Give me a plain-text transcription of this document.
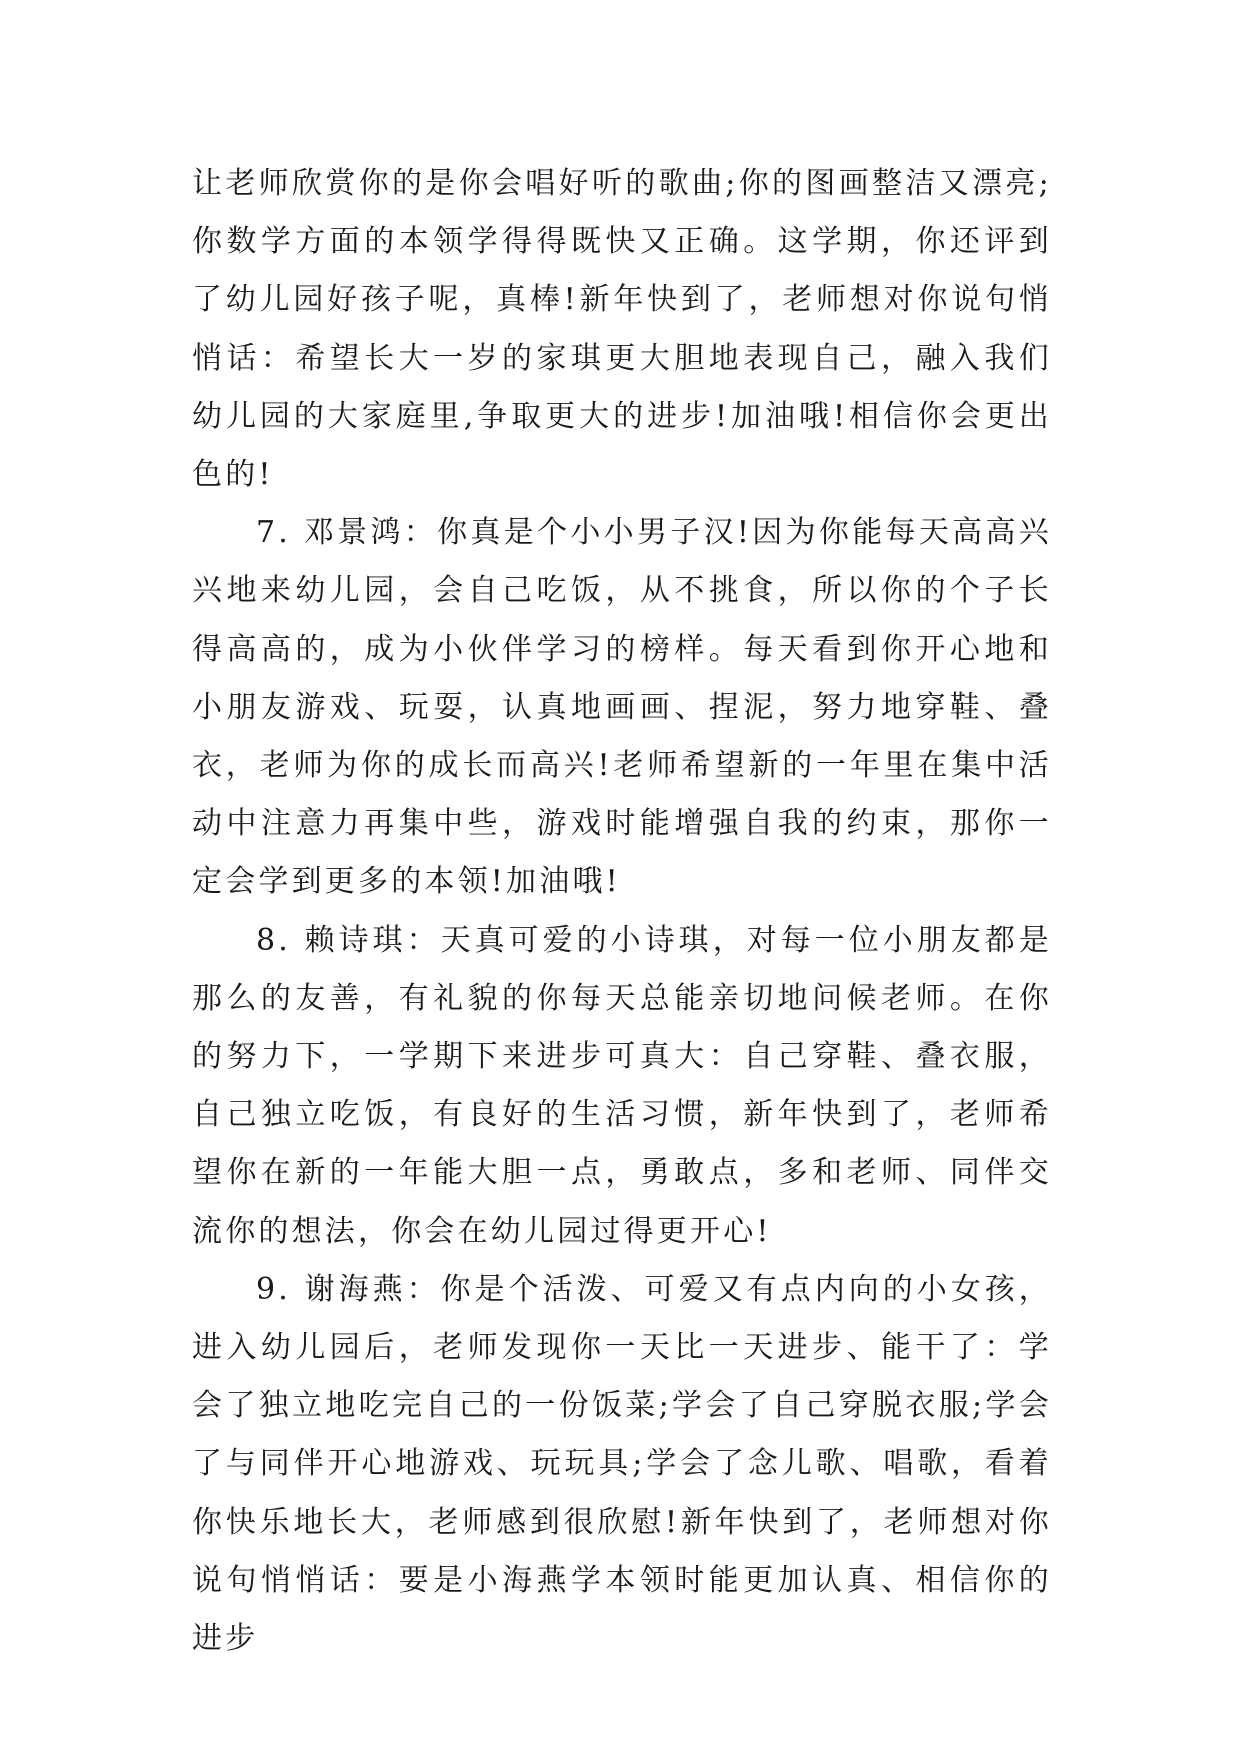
让老师欣赏你的是你会唱好听的歌曲;你的图画整洁又漂亮;你数学方面的本领学得得既快又正确。这学期，你还评到了幼儿园好孩子呢，真棒!新年快到了，老师想对你说句悄悄话：希望长大一岁的家琪更大胆地表现自己，融入我们幼儿园的大家庭里,争取更大的进步!加油哦!相信你会更出色的!

7. 邓景鸿：你真是个小小男子汉!因为你能每天高高兴兴地来幼儿园，会自己吃饭，从不挑食，所以你的个子长得高高的，成为小伙伴学习的榜样。每天看到你开心地和小朋友游戏、玩耍，认真地画画、捏泥，努力地穿鞋、叠衣，老师为你的成长而高兴!老师希望新的一年里在集中活动中注意力再集中些，游戏时能增强自我的约束，那你一定会学到更多的本领!加油哦!

8. 赖诗琪：天真可爱的小诗琪，对每一位小朋友都是那么的友善，有礼貌的你每天总能亲切地问候老师。在你的努力下，一学期下来进步可真大：自己穿鞋、叠衣服，自己独立吃饭，有良好的生活习惯，新年快到了，老师希望你在新的一年能大胆一点，勇敢点，多和老师、同伴交流你的想法，你会在幼儿园过得更开心!

9. 谢海燕：你是个活泼、可爱又有点内向的小女孩，进入幼儿园后，老师发现你一天比一天进步、能干了：学会了独立地吃完自己的一份饭菜;学会了自己穿脱衣服;学会了与同伴开心地游戏、玩玩具;学会了念儿歌、唱歌，看着你快乐地长大，老师感到很欣慰!新年快到了，老师想对你说句悄悄话：要是小海燕学本领时能更加认真、相信你的进步
